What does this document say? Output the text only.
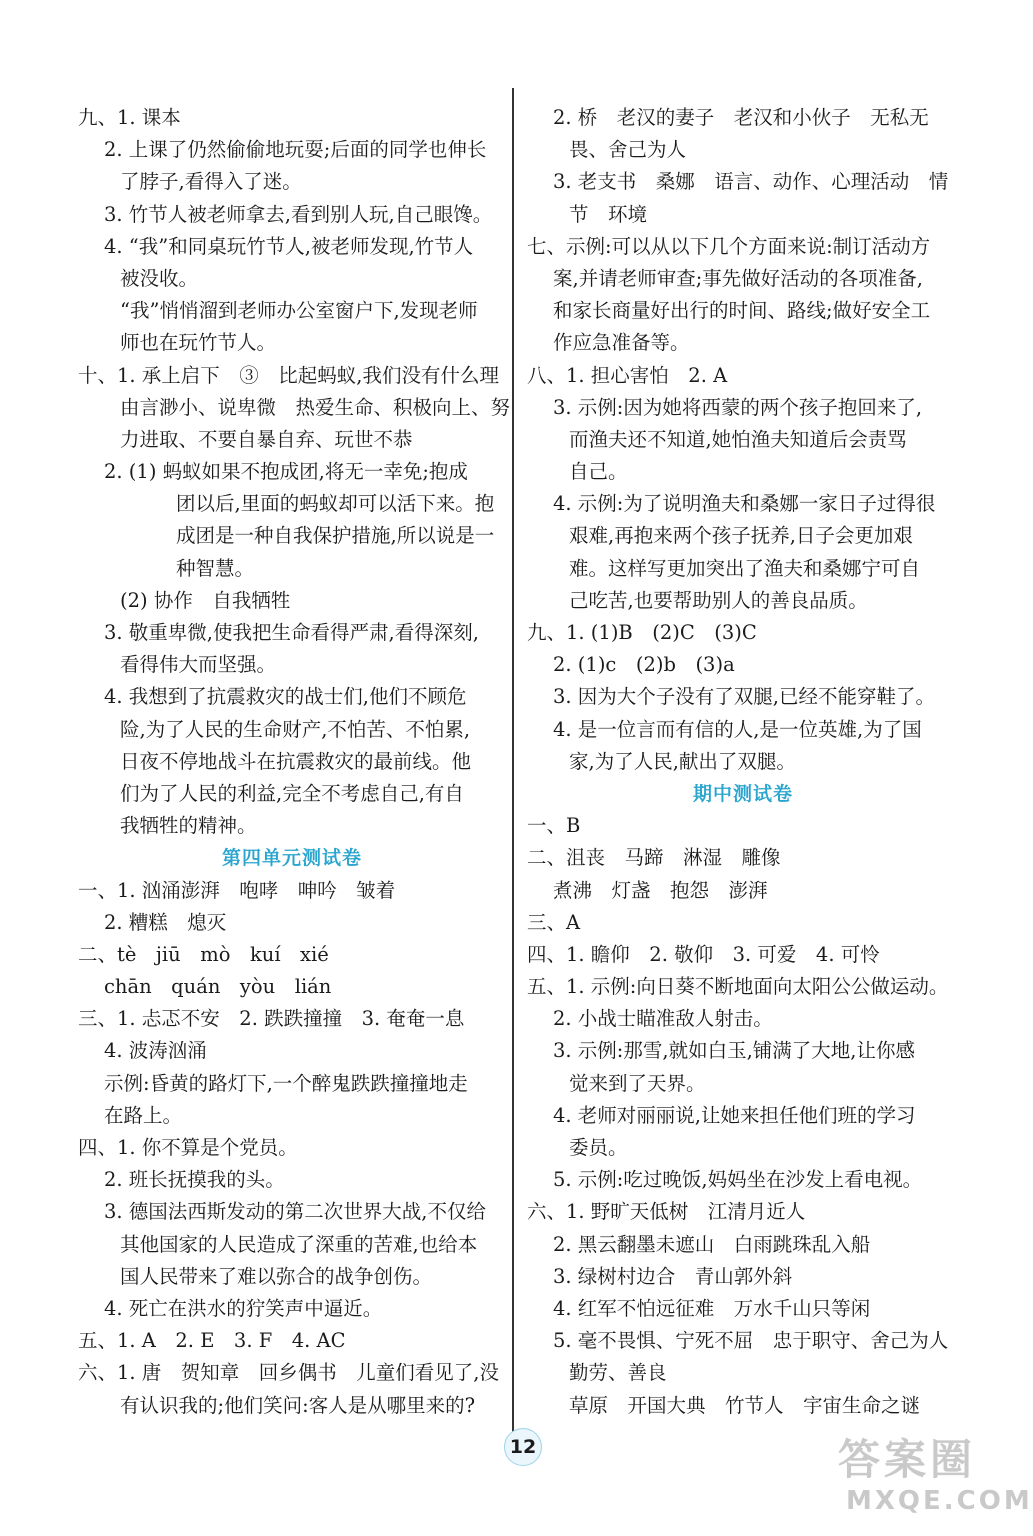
九、1. 课本
2. 上课了仍然偷偷地玩耍;后面的同学也伸长
了脖子,看得入了迷。
3. 竹节人被老师拿去,看到别人玩,自己眼馋。
4. “我”和同桌玩竹节人,被老师发现,竹节人
被没收。
“我”悄悄溜到老师办公室窗户下,发现老师
师也在玩竹节人。
十、1. 承上启下　③　比起蚂蚁,我们没有什么理
由言渺小、说卑微　热爱生命、积极向上、努
力进取、不要自暴自弃、玩世不恭
2. (1) 蚂蚁如果不抱成团,将无一幸免;抱成
团以后,里面的蚂蚁却可以活下来。抱
成团是一种自我保护措施,所以说是一
种智慧。
(2) 协作　自我牺牲
3. 敬重卑微,使我把生命看得严肃,看得深刻,
看得伟大而坚强。
4. 我想到了抗震救灾的战士们,他们不顾危
险,为了人民的生命财产,不怕苦、不怕累,
日夜不停地战斗在抗震救灾的最前线。他
们为了人民的利益,完全不考虑自己,有自
我牺牲的精神。
第四单元测试卷
一、1. 汹涌澎湃　咆哮　呻吟　皱着
2. 糟糕　熄灭
二、tè　jiū　mò　kuí　xié
chān　quán　yòu　lián
三、1. 忐忑不安　2. 跌跌撞撞　3. 奄奄一息
4. 波涛汹涌
示例:昏黄的路灯下,一个醉鬼跌跌撞撞地走
在路上。
四、1. 你不算是个党员。
2. 班长抚摸我的头。
3. 德国法西斯发动的第二次世界大战,不仅给
其他国家的人民造成了深重的苦难,也给本
国人民带来了难以弥合的战争创伤。
4. 死亡在洪水的狞笑声中逼近。
五、1. A　2. E　3. F　4. AC
六、1. 唐　贺知章　回乡偶书　儿童们看见了,没
有认识我的;他们笑问:客人是从哪里来的?
2. 桥　老汉的妻子　老汉和小伙子　无私无
畏、舍己为人
3. 老支书　桑娜　语言、动作、心理活动　情
节　环境
七、示例:可以从以下几个方面来说:制订活动方
案,并请老师审查;事先做好活动的各项准备,
和家长商量好出行的时间、路线;做好安全工
作应急准备等。
八、1. 担心害怕　2. A
3. 示例:因为她将西蒙的两个孩子抱回来了,
而渔夫还不知道,她怕渔夫知道后会责骂
自己。
4. 示例:为了说明渔夫和桑娜一家日子过得很
艰难,再抱来两个孩子抚养,日子会更加艰
难。这样写更加突出了渔夫和桑娜宁可自
己吃苦,也要帮助别人的善良品质。
九、1. (1)B　(2)C　(3)C
2. (1)c　(2)b　(3)a
3. 因为大个子没有了双腿,已经不能穿鞋了。
4. 是一位言而有信的人,是一位英雄,为了国
家,为了人民,献出了双腿。
期中测试卷
一、B
二、沮丧　马蹄　淋湿　雕像
煮沸　灯盏　抱怨　澎湃
三、A
四、1. 瞻仰　2. 敬仰　3. 可爱　4. 可怜
五、1. 示例:向日葵不断地面向太阳公公做运动。
2. 小战士瞄准敌人射击。
3. 示例:那雪,就如白玉,铺满了大地,让你感
觉来到了天界。
4. 老师对丽丽说,让她来担任他们班的学习
委员。
5. 示例:吃过晚饭,妈妈坐在沙发上看电视。
六、1. 野旷天低树　江清月近人
2. 黑云翻墨未遮山　白雨跳珠乱入船
3. 绿树村边合　青山郭外斜
4. 红军不怕远征难　万水千山只等闲
5. 毫不畏惧、宁死不屈　忠于职守、舍己为人
勤劳、善良
草原　开国大典　竹节人　宇宙生命之谜
12	答案圈
MXQE.COM
